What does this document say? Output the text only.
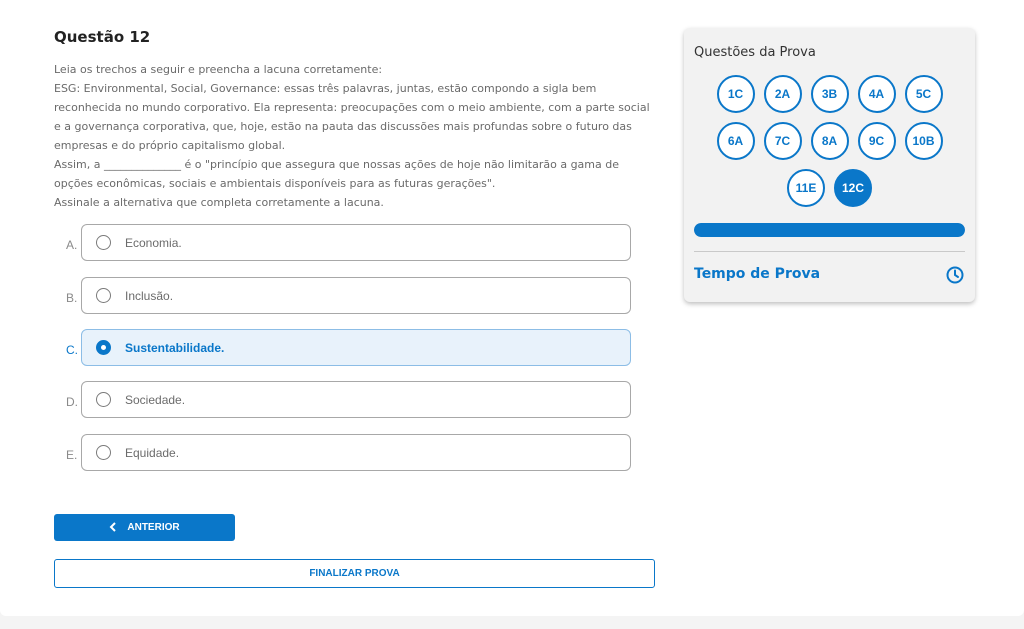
Questão 12
Leia os trechos a seguir e preencha a lacuna corretamente:
ESG: Environmental, Social, Governance: essas três palavras, juntas, estão compondo a sigla bem
reconhecida no mundo corporativo. Ela representa: preocupações com o meio ambiente, com a parte social
e a governança corporativa, que, hoje, estão na pauta das discussões mais profundas sobre o futuro das
empresas e do próprio capitalismo global.
Assim, a ______________ é o "princípio que assegura que nossas ações de hoje não limitarão a gama de
opções econômicas, sociais e ambientais disponíveis para as futuras gerações".
Assinale a alternativa que completa corretamente a lacuna.
A.	Economia.
B.	Inclusão.
C.	Sustentabilidade.
D.	Sociedade.
E.	Equidade.
ANTERIOR
FINALIZAR PROVA
Questões da Prova
1C	2A	3B	4A	5C
6A	7C	8A	9C	10B
11E	12C
Tempo de Prova
